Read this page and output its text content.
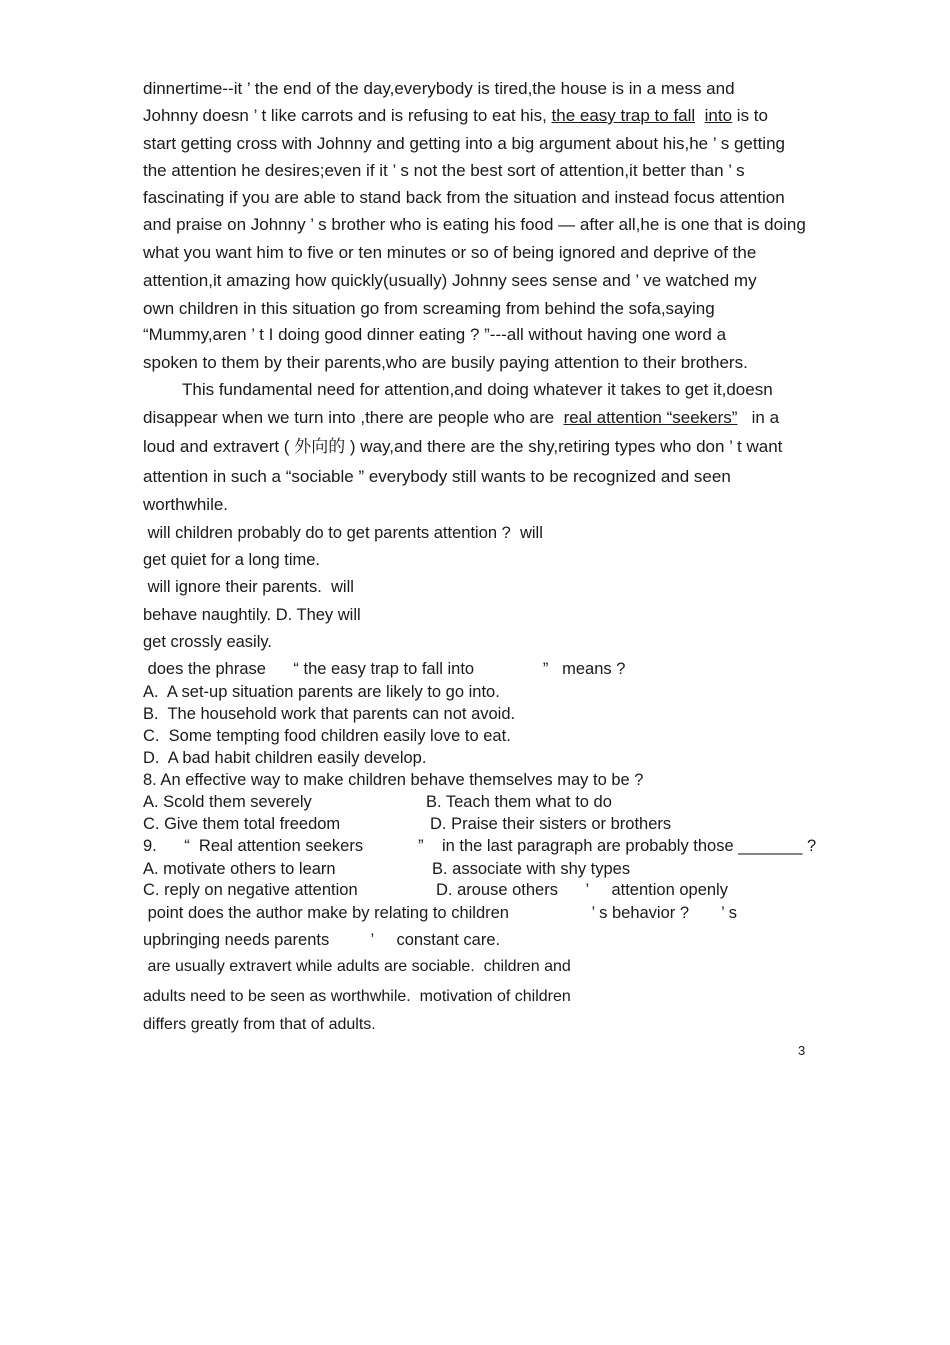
dinnertime--it ’ the end of the day,everybody is tired,the house is in a mess and
Johnny doesn ’ t like carrots and is refusing to eat his, the easy trap to fall into is to
start getting cross with Johnny and getting into a big argument about his,he ’ s getting
the attention he desires;even if it ’ s not the best sort of attention,it better than ’ s
fascinating if you are able to stand back from the situation and instead focus attention
and praise on Johnny ’ s brother who is eating his food — after all,he is one that is doing
what you want him to five or ten minutes or so of being ignored and deprive of the
attention,it amazing how quickly(usually) Johnny sees sense and ’ ve watched my
own children in this situation go from screaming from behind the sofa,saying
“Mummy,aren ’ t I doing good dinner eating ? ”---all without having one word a
spoken to them by their parents,who are busily paying attention to their brothers.
This fundamental need for attention,and doing whatever it takes to get it,doesn
disappear when we turn into ,there are people who are real attention “seekers” in a
loud and extravert ( 外向的 ) way,and there are the shy,retiring types who don ’ t want
attention in such a “sociable ” everybody still wants to be recognized and seen
worthwhile.
will children probably do to get parents attention ?  will
get quiet for a long time.
will ignore their parents.  will
behave naughtily. D. They will
get crossly easily.
does the phrase      “ the easy trap to fall into               ”   means ?
A.  A set-up situation parents are likely to go into.
B.  The household work that parents can not avoid.
C.  Some tempting food children easily love to eat.
D.  A bad habit children easily develop.
8. An effective way to make children behave themselves may to be ?
A. Scold them severely	B. Teach them what to do
C. Give them total freedom	D. Praise their sisters or brothers
9.      “  Real attention seekers            ”    in the last paragraph are probably those _______ ?
A. motivate others to learn	B. associate with shy types
C. reply on negative attention	D. arouse others      ’     attention openly
point does the author make by relating to children                  ’ s behavior ?       ’ s
upbringing needs parents         ’     constant care.
are usually extravert while adults are sociable.  children and
adults need to be seen as worthwhile.  motivation of children
differs greatly from that of adults.
3
